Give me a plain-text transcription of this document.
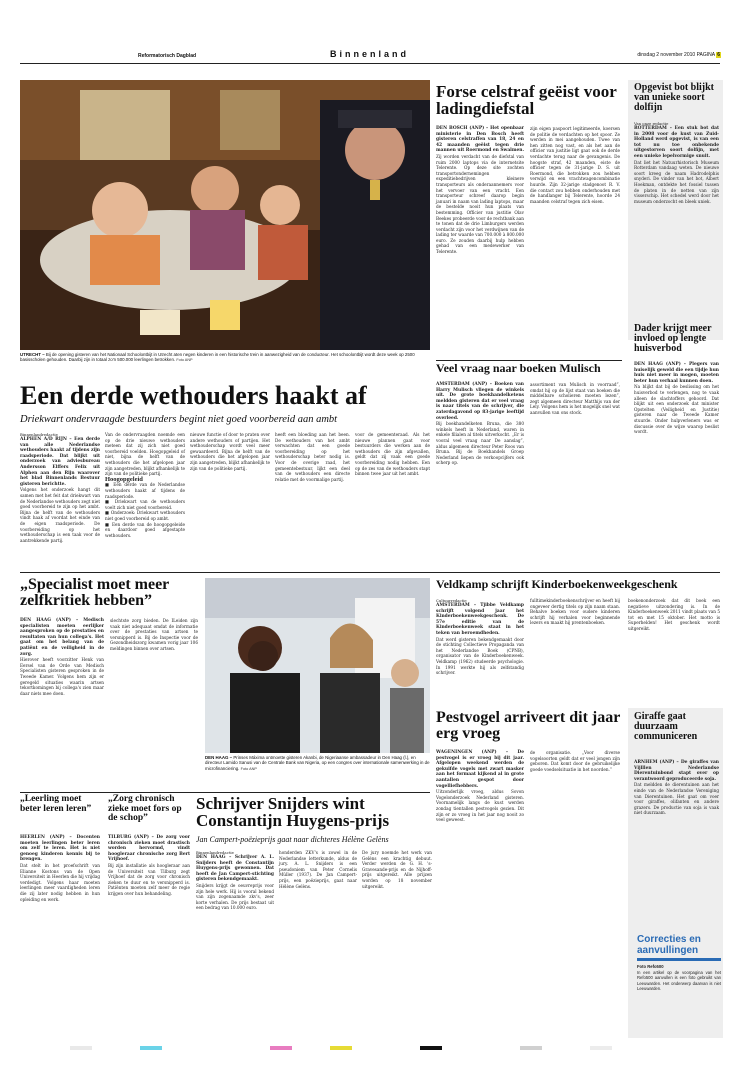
Reformatorisch Dagblad	Binnenland	dinsdag 2 november 2010 PAGINA 6
UTRECHT – Bij de opening gisteren van het Nationaal Schoolontbijt in Utrecht aten negen kinderen in een historische trein in aanwezigheid van de conducteur. Het schoolontbijt wordt deze week op 2500 basisscholen gehouden. Daarbij zijn in totaal zo'n 500.000 leerlingen betrokken. Foto ANP
Forse celstraf geëist voor ladingdiefstal
DEN BOSCH (ANP) – Het openbaar ministerie in Den Bosch heeft gisteren celstraffen van 18, 24 en 42 maanden geëist tegen drie mannen uit Roermond en Swalmen.
Zij worden verdacht van de diefstal van ruim 2000 laptops via de internetsite Telerente. Op deze site zochten transportondernemingen expeditiebedrijven kleinere transporteurs als onderaannemers voor het vervoer van een vracht. Een transporteur schreef daarop begin januari in naam van lading laptops, maar de bestelde nooit hun plaats van bestemming. Officier van justitie Olav Beekes probeerde voor de rechtbank aan te tonen dat de drie Limburgers werden verdacht zijn voor het verdwijnen van de lading ter waarde van 700.000 à 800.000 euro. Ze zouden daarbij hulp hebben gehad van een medewerker van Telerente.
zijn eigen paspoort legitimeerde, koersen de politie de verdachten op het spoor. Ze werden in mei aangehouden. Twee van hen zitten nog vast, en als het aan de officier van justitie ligt gaat ook de derde verdachte terug naar de gevangenis. De hoogste straf, 42 maanden, eiste de officier tegen de 31-jarige D. S. uit Roermond, die betrokken zou hebben verwijd en een vrachtwagencombinatie huurde. Zijn 32-jarige stadgenoot R. V. die contact zou hebben onderhouden met de handlanger bij Telerente, hoorde 24 maanden celstraf tegen zich eisen.
Opgevist bot blijkt van unieke soort dolfijn
Van onze redactie
ROTTERDAM – Een stuk bot dat in 2008 voor de kust van Zuid-Holland werd opgevist, is van een tot nu toe onbekende uitgestorven soort dolfijn, met een unieke lepelvormige snuit.
Dat liet het Natuurhistorisch Museum Rotterdam vandaag weten. De nieuwe soort kreeg de naam Hadrodelphis snyderi. De vinder van het bot, Albert Hoekman, ontdekte het fossiel tussen de platen in de netten van zijn visserschip. Het schedel werd door het museum onderzocht en bleek uniek.
Dader krijgt meer invloed op lengte huisverbod
DEN HAAG (ANP) – Plegers van huiselijk geweld die een tijdje hun huis niet meer in mogen, moeten beter hun verhaal kunnen doen.
Na blijkt dat bij de beslissing om het huisverbod te verlengen, nog te vaak alleen de slachtoffers gehoord. Dat blijkt uit een onderzoek dat minister Opstelten (Veiligheid en Justitie) gisteren naar de Tweede Kamer stuurde. Onder hulpverleners was er discussie over de wijze waarop beslist wordt.
Een derde wethouders haakt af
Driekwart ondervraagde bestuurders begint niet goed voorbereid aan ambt
Binnenlandredactie
ALPHEN A/D RIJN – Een derde van alle Nederlandse wethouders haakt af tijdens zijn raadsperiode. Dat blijkt uit onderzoek van adviesbureau Andersson Elffers Felix uit Alphen aan den Rijn waarover het blad Binnenlands Bestuur gisteren berichtte.
Volgens het onderzoek hangt dit samen met het feit dat driekwart van de Nederlandse wethouders zegt niet goed voorbereid te zijn op het ambt. Bijna de helft van de wethouders vindt haak af voordat het einde van de eigen raadsperiode. De voorbereiding op het wethouderschap is een taak voor de aantrekkende partij.
Van de ondervraagden noemde een op de drie nieuwe wethouders meteen dat zij zich niet goed voorbereid voelden. Hoogopgeleid of niet, bijna de helft van de wethouders die het afgelopen jaar zijn aangetreden, blijkt afhankelijk te zijn van de politieke partij.
Hoogopgeleid
■ Een derde van de Nederlandse wethouders haakt af tijdens de raadsperiode.
■ Driekwart van de wethouders voelt zich niet goed voorbereid.
■ Onderzoek: Driekwart wethouders niet goed voorbereid op ambt.
■ Een derde van de hoogopgeleide en daardoor goed afgestapte wethouders.
nieuwe functie of door te praten over andere wethouders of partijen. Het wethouderschap wordt veel meer gewaardeerd. Bijna de helft van de wethouders die het afgelopen jaar zijn aangetreden, blijkt afhankelijk te zijn van de politieke partij.
heeft een bloeding aan het been. De wethouders van het ambt verwachten dat een goede voorbereiding op het wethouderschap beter nodig is. Voor de overige raad, het gemeentebestuur, lijkt een deel van de wethouders een directe relatie met de voormalige partij.
voor de gemeenteraad. Als het nieuwe plannen gaat voor bestuurders die werken aan de wethouders die zijn afgevallen, geldt dat zij vaak een goede voorbereiding nodig hebben. Een op de zes van de wethouders stapt binnen twee jaar uit het ambt.
Veel vraag naar boeken Mulisch
AMSTERDAM (ANP) – Boeken van Harry Mulisch vliegen de winkels uit. De grote boekhandelketens meldden gisteren dat er veel vraag is naar titels van de schrijver, die zaterdagavond op 83-jarige leeftijd overleed.
Bij boekhandelketen Bruna, die 380 winkels heeft in Nederland, waren in enkele filialen al titels uitverkocht. „Er is vooral veel vraag naar De aanslag”, aldus algemeen directeur Peter Roos van Bruna. Bij de Boekhandels Groep Nederland liepen de verkoopcijfers ook scherp op.
assortiment van Mulisch in voorraad”, omdat hij op de lijst staat van boeken die middelbare scholieren moeten lezen”, zegt algemeen directeur Matthijs van der Lely. Volgens hem is het mogelijk snel wat aanvullen van ons stock.
„Specialist moet meer zelfkritiek hebben”
DEN HAAG (ANP) – Medisch specialisten moeten eerlijker aangesproken op de prestaties en resultaten van hun collega's. Het gaat om het belang van de patiënt en de veiligheid in de zorg.
Hierover heeft voorzitter Henk van Eersel van de Orde van Medisch Specialisten gisteren gesproken in de Tweede Kamer. Volgens hem zijn er geregeld situaties waarin artsen tekortkomingen bij collega's zien maar daar niets mee doen.
slechtste zorg bieden. De ILeiden zijn vaak niet adequaat omdat de informatie over de prestaties van artsen te versnipperd is. Bij de Inspectie voor de Gezondheidszorg kwamen vorig jaar 106 meldingen binnen over artsen.
DEN HAAG – Prinses Máxima ontmoette gisteren Akanbi, de Nigeriaanse ambassadeur in Den Haag (l.), en directeur Lamido Sanusi van de Centrale Bank van Nigeria, op een congres over internationale samenwerking in de microfinanciering. Foto ANP
Veldkamp schrijft Kinderboekenweekgeschenk
Cultuurredactie
AMSTERDAM – Tjibbe Veldkamp schrijft volgend jaar het Kinderboekenweekgeschenk. De 57e editie van de Kinderboekenweek staat in het teken van beroemdheden.
Dat werd gisteren bekendgemaakt door de stichting Collectieve Propaganda van het Nederlandse Boek (CPNB), organisator van de Kinderboekenweek. Veldkamp (1962) studeerde psychologie. In 1991 werkte hij als zelfstandig schrijver.
fulltimekinderboekenschrijver en heeft bij ongeveer dertig titels op zijn naam staan. Behalve boeken voor oudere kinderen schrijft hij verhalen voor beginnende lezers en maakt hij prentenboeken.
boekenonderzoek dat dit boek een negatieve uitzondering is. In de Kinderboekenweek 2011 vindt plaats van 5 tot en met 15 oktober. Het motto is Superhelden! Het geschenk wordt uitgereikt.
Pestvogel arriveert dit jaar erg vroeg
WAGENINGEN (ANP) – De pestvogel is er vroeg bij dit jaar. Afgelopen weekend werden de gekuifde vogels met zwart masker aan het formaat kijkend al in grote aantallen gespot door vogelliefhebbers.
Uitzonderlijk vroeg, aldus Sovon Vogelonderzoek Nederland gisteren. Voornamelijk langs de kust werden zondag tientallen pestvogels gezien. Dit zijn er zo vroeg in het jaar nog nooit zo veel geweest.
de organisatie. „Voor diverse vogelsoorten geldt dat er veel jongen zijn geboren. Dat komt door de gebruikelijke goede voedselsituatie in het noorden.”
Giraffe gaat duurzaam communiceren
ARNHEM (ANP) – De giraffes van Vijlllen Nederlandse Dierentuinbond stapt over op verantwoord geproduceerde soja.
Dat meldden de dierentuinen aan het einde van de Nederlandse Vereniging van Dierentuinen. Het gaat om voer voor giraffes, olifanten en andere grazers. De productie van soja is vaak niet duurzaam.
„Leerling moet beter leren leren”
HEERLEN (ANP) – Docenten moeten leerlingen beter leren om zelf te leren. Het is niet genoeg kinderen kennis bij te brengen.
Dat stelt in het proefschrift van Elianne Kostons van de Open Universiteit in Heerlen die hij vrijdag verdedigt. Volgens haar moeten leerlingen meer vaardigheden leren die zij later nodig hebben in hun opleiding en werk.
„Zorg chronisch zieke moet fors op de schop”
TILBURG (ANP) – De zorg voor chronisch zieken moet drastisch worden hervormd, vindt hoogleraar chronische zorg Bert Vrijhoef.
Bij zijn installatie als hoogleraar aan de Universiteit van Tilburg zegt Vrijhoef dat de zorg voor chronisch zieken te duur en te versnipperd is. Patiënten moeten zelf meer de regie krijgen over hun behandeling.
Schrijver Snijders wint Constantijn Huygens-prijs
Jan Campert-poëzieprijs gaat naar dichteres Hélène Gelèns
Binnenlandredactie
DEN HAAG – Schrijver A. L. Snijders heeft de Constantijn Huygens-prijs gewonnen. Dat heeft de Jan Campert-stichting gisteren bekendgemaakt.
Snijders krijgt de oeuvreprijs voor zijn hele werk. Hij is vooral bekend van zijn zogenaamde zkv's, zeer korte verhalen. De prijs bestaat uit een bedrag van 10.000 euro.
honderden ZKV's is zowel in de Nederlandse letterkunde, aldus de jury. A. L. Snijders is een pseudoniem van Peter Cornelis Müller (1937). De Jan Campert-prijs, een poëzieprijs, gaat naar Hélène Gelèns.
De jury noemde het werk van Gelèns een krachtig debuut. Verder werden de G. H. 's-Gravesande-prijs en de Nijhoff-prijs uitgereikt. Alle prijzen worden op 18 november uitgereikt.
Correcties en aanvullingen
Foto Refo500
In een artikel op de voorpagina van het Refo500 aanvullen is een foto gebruikt van Leeuwarden. Het onderwerp daarvan is niet Leeuwarden.
